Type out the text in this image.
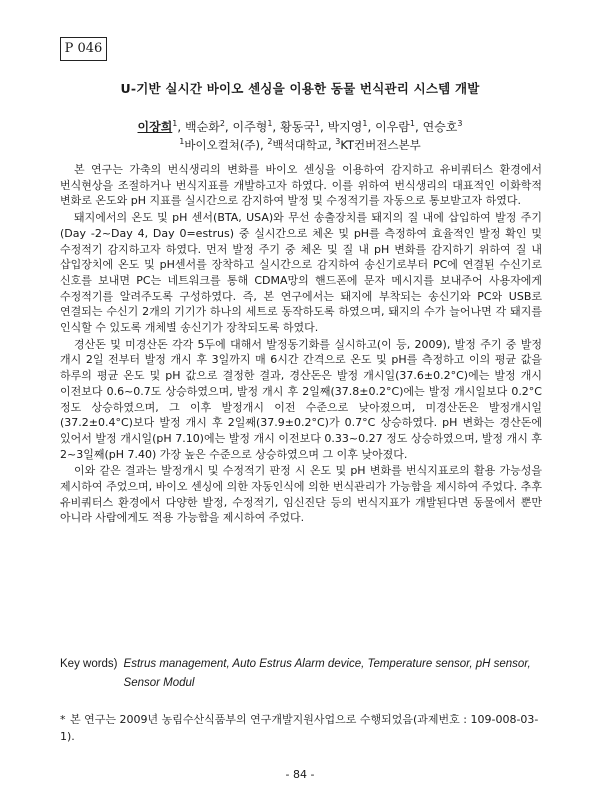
P 046
U-기반 실시간 바이오 센싱을 이용한 동물 번식관리 시스템 개발
이장희$^1$, 백순화$^2$, 이주형$^1$, 황동국$^1$, 박지영$^1$, 이우람$^1$, 연승호$^3$
$^1$바이오컬쳐(주), $^2$백석대학교, $^3$KT컨버전스본부

본 연구는 가축의 번식생리의 변화를 바이오 센싱을 이용하여 감지하고 유비쿼터스 환경에서 번식현상을 조절하거나 번식지표를 개발하고자 하였다. 이를 위하여 번식생리의 대표적인 이화학적 변화로 온도와 pH 지표를 실시간으로 감지하여 발정 및 수정적기를 자동으로 통보받고자 하였다.

돼지에서의 온도 및 pH 센서(BTA, USA)와 무선 송출장치를 돼지의 질 내에 삽입하여 발정 주기(Day -2~Day 4, Day 0=estrus) 중 실시간으로 체온 및 pH를 측정하여 효율적인 발정 확인 및 수정적기 감지하고자 하였다. 먼저 발정 주기 중 체온 및 질 내 pH 변화를 감지하기 위하여 질 내 삽입장치에 온도 및 pH센서를 장착하고 실시간으로 감지하여 송신기로부터 PC에 연결된 수신기로 신호를 보내면 PC는 네트워크를 통해 CDMA망의 핸드폰에 문자 메시지를 보내주어 사용자에게 수정적기를 알려주도록 구성하였다. 즉, 본 연구에서는 돼지에 부착되는 송신기와 PC와 USB로 연결되는 수신기 2개의 기기가 하나의 세트로 동작하도록 하였으며, 돼지의 수가 늘어나면 각 돼지를 인식할 수 있도록 개체별 송신기가 장착되도록 하였다.

경산돈 및 미경산돈 각각 5두에 대해서 발정동기화를 실시하고(이 등, 2009), 발정 주기 중 발정 개시 2일 전부터 발정 개시 후 3일까지 매 6시간 간격으로 온도 및 pH를 측정하고 이의 평균 값을 하루의 평균 온도 및 pH 값으로 결정한 결과, 경산돈은 발정 개시일(37.6±0.2°C)에는 발정 개시 이전보다 0.6~0.7도 상승하였으며, 발정 개시 후 2일째(37.8±0.2°C)에는 발정 개시일보다 0.2°C 정도 상승하였으며, 그 이후 발정개시 이전 수준으로 낮아졌으며, 미경산돈은 발정개시일(37.2±0.4°C)보다 발정 개시 후 2일째(37.9±0.2°C)가 0.7°C 상승하였다. pH 변화는 경산돈에 있어서 발정 개시일(pH 7.10)에는 발정 개시 이전보다 0.33~0.27 정도 상승하였으며, 발정 개시 후 2~3일째(pH 7.40) 가장 높은 수준으로 상승하였으며 그 이후 낮아졌다.

이와 같은 결과는 발정개시 및 수정적기 판정 시 온도 및 pH 변화를 번식지표로의 활용 가능성을 제시하여 주었으며, 바이오 센싱에 의한 자동인식에 의한 번식관리가 가능함을 제시하여 주었다. 추후 유비쿼터스 환경에서 다양한 발정, 수정적기, 임신진단 등의 번식지표가 개발된다면 동물에서 뿐만 아니라 사람에게도 적용 가능함을 제시하여 주었다.

Key words) Estrus management, Auto Estrus Alarm device, Temperature sensor, pH sensor, Sensor Modul
* 본 연구는 2009년 농림수산식품부의 연구개발지원사업으로 수행되었음(과제번호 : 109-008-03-1).
- 84 -
